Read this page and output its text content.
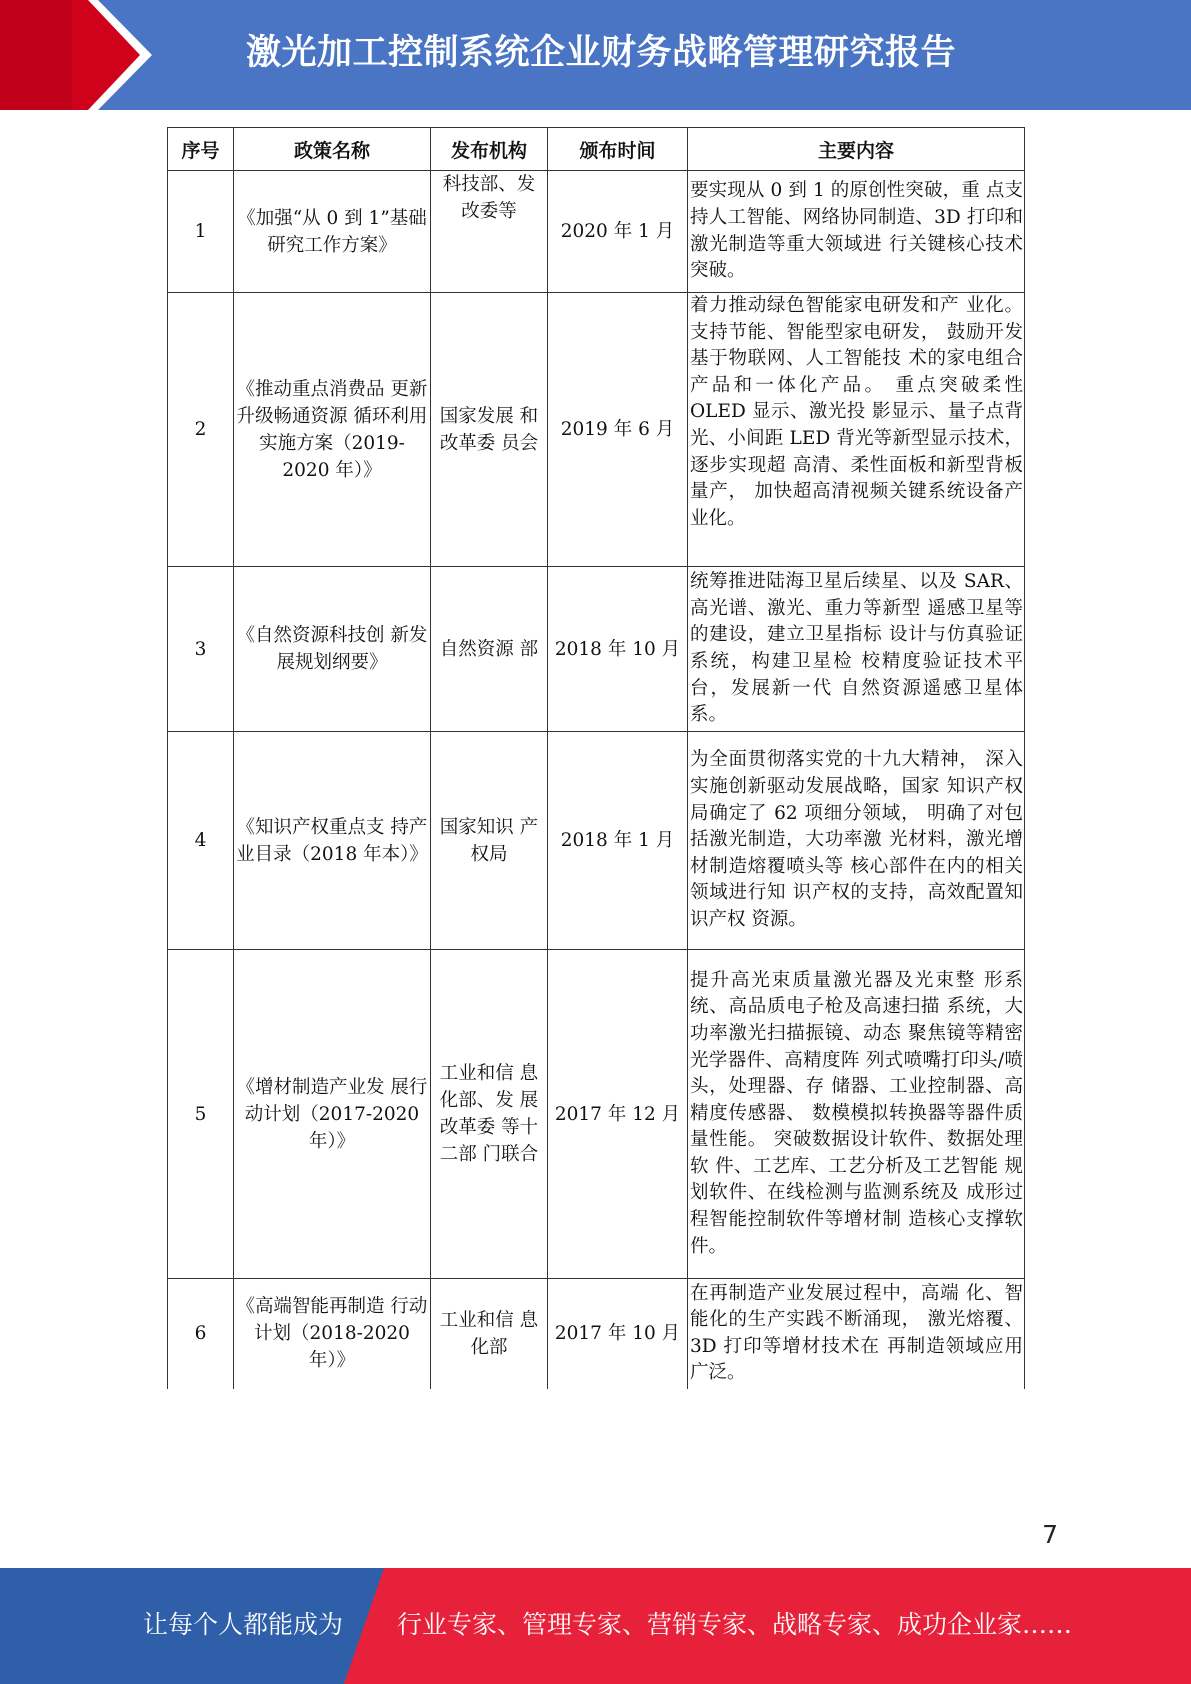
激光加工控制系统企业财务战略管理研究报告
序号	政策名称	发布机构	颁布时间	主要内容
1	《加强“从 0 到 1”基础研究工作方案》	科技部、发 改委等	2020 年 1 月	要实现从 0 到 1 的原创性突破，重 点支持人工智能、网络协同制造、3D 打印和激光制造等重大领域进 行关键核心技术突破。
2	《推动重点消费品 更新升级畅通资源 循环利用实施方案（2019-2020 年）》	国家发展 和改革委 员会	2019 年 6 月	着力推动绿色智能家电研发和产 业化。支持节能、智能型家电研发， 鼓励开发基于物联网、人工智能技 术的家电组合产品和一体化产品。 重点突破柔性 OLED 显示、激光投 影显示、量子点背光、小间距 LED 背光等新型显示技术，逐步实现超 高清、柔性面板和新型背板量产， 加快超高清视频关键系统设备产 业化。
3	《自然资源科技创 新发展规划纲要》	自然资源 部	2018 年 10 月	统筹推进陆海卫星后续星、以及 SAR、高光谱、激光、重力等新型 遥感卫星等的建设，建立卫星指标 设计与仿真验证系统，构建卫星检 校精度验证技术平台，发展新一代 自然资源遥感卫星体系。
4	《知识产权重点支 持产业目录（2018 年本）》	国家知识 产权局	2018 年 1 月	为全面贯彻落实党的十九大精神， 深入实施创新驱动发展战略，国家 知识产权局确定了 62 项细分领域， 明确了对包括激光制造，大功率激 光材料，激光增材制造熔覆喷头等 核心部件在内的相关领域进行知 识产权的支持，高效配置知识产权 资源。
5	《增材制造产业发 展行动计划（2017-2020 年）》	工业和信 息化部、发 展改革委 等十二部 门联合	2017 年 12 月	提升高光束质量激光器及光束整 形系统、高品质电子枪及高速扫描 系统，大功率激光扫描振镜、动态 聚焦镜等精密光学器件、高精度阵 列式喷嘴打印头/喷头，处理器、存 储器、工业控制器、高精度传感器、 数模模拟转换器等器件质量性能。 突破数据设计软件、数据处理软 件、工艺库、工艺分析及工艺智能 规划软件、在线检测与监测系统及 成形过程智能控制软件等增材制 造核心支撑软件。
6	《高端智能再制造 行动计划（2018-2020 年）》	工业和信 息化部	2017 年 10 月	在再制造产业发展过程中，高端 化、智能化的生产实践不断涌现， 激光熔覆、3D 打印等增材技术在 再制造领域应用广泛。
7
让每个人都能成为 行业专家、管理专家、营销专家、战略专家、成功企业家……
